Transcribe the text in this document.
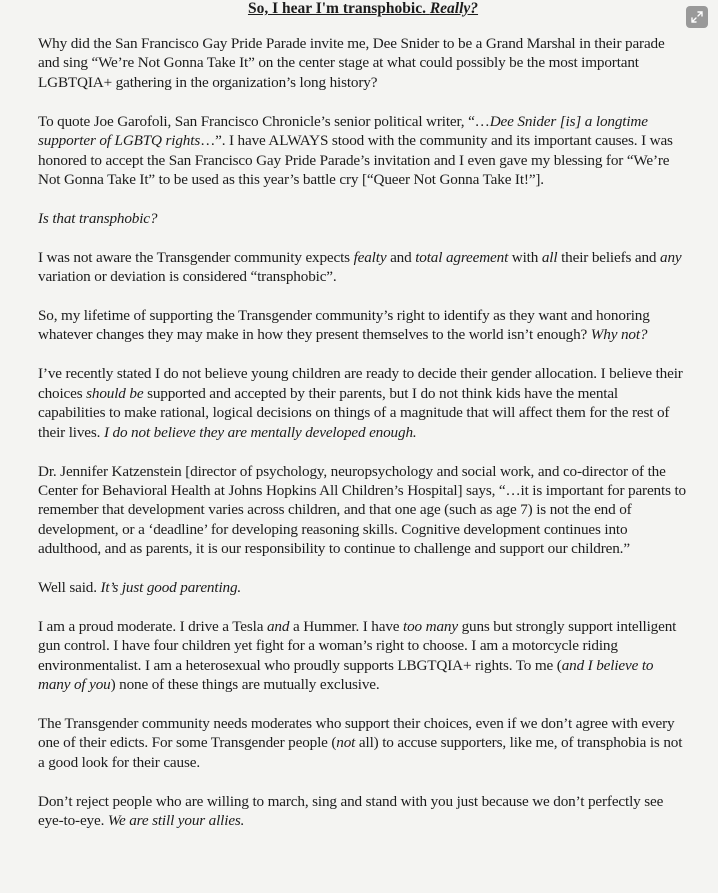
So, I hear I'm transphobic. Really?

Why did the San Francisco Gay Pride Parade invite me, Dee Snider to be a Grand Marshal in their parade and sing “We’re Not Gonna Take It” on the center stage at what could possibly be the most important LGBTQIA+ gathering in the organization’s long history?

To quote Joe Garofoli, San Francisco Chronicle’s senior political writer, “…Dee Snider [is] a longtime supporter of LGBTQ rights…”. I have ALWAYS stood with the community and its important causes. I was honored to accept the San Francisco Gay Pride Parade’s invitation and I even gave my blessing for “We’re Not Gonna Take It” to be used as this year’s battle cry [“Queer Not Gonna Take It!”].

Is that transphobic?

I was not aware the Transgender community expects fealty and total agreement with all their beliefs and any variation or deviation is considered “transphobic”.

So, my lifetime of supporting the Transgender community’s right to identify as they want and honoring whatever changes they may make in how they present themselves to the world isn’t enough? Why not?

I’ve recently stated I do not believe young children are ready to decide their gender allocation. I believe their choices should be supported and accepted by their parents, but I do not think kids have the mental capabilities to make rational, logical decisions on things of a magnitude that will affect them for the rest of their lives. I do not believe they are mentally developed enough.

Dr. Jennifer Katzenstein [director of psychology, neuropsychology and social work, and co-director of the Center for Behavioral Health at Johns Hopkins All Children’s Hospital] says, “…it is important for parents to remember that development varies across children, and that one age (such as age 7) is not the end of development, or a ‘deadline’ for developing reasoning skills. Cognitive development continues into adulthood, and as parents, it is our responsibility to continue to challenge and support our children.”

Well said. It’s just good parenting.

I am a proud moderate. I drive a Tesla and a Hummer. I have too many guns but strongly support intelligent gun control. I have four children yet fight for a woman’s right to choose. I am a motorcycle riding environmentalist. I am a heterosexual who proudly supports LBGTQIA+ rights. To me (and I believe to many of you) none of these things are mutually exclusive.

The Transgender community needs moderates who support their choices, even if we don’t agree with every one of their edicts. For some Transgender people (not all) to accuse supporters, like me, of transphobia is not a good look for their cause.

Don’t reject people who are willing to march, sing and stand with you just because we don’t perfectly see eye-to-eye. We are still your allies.
